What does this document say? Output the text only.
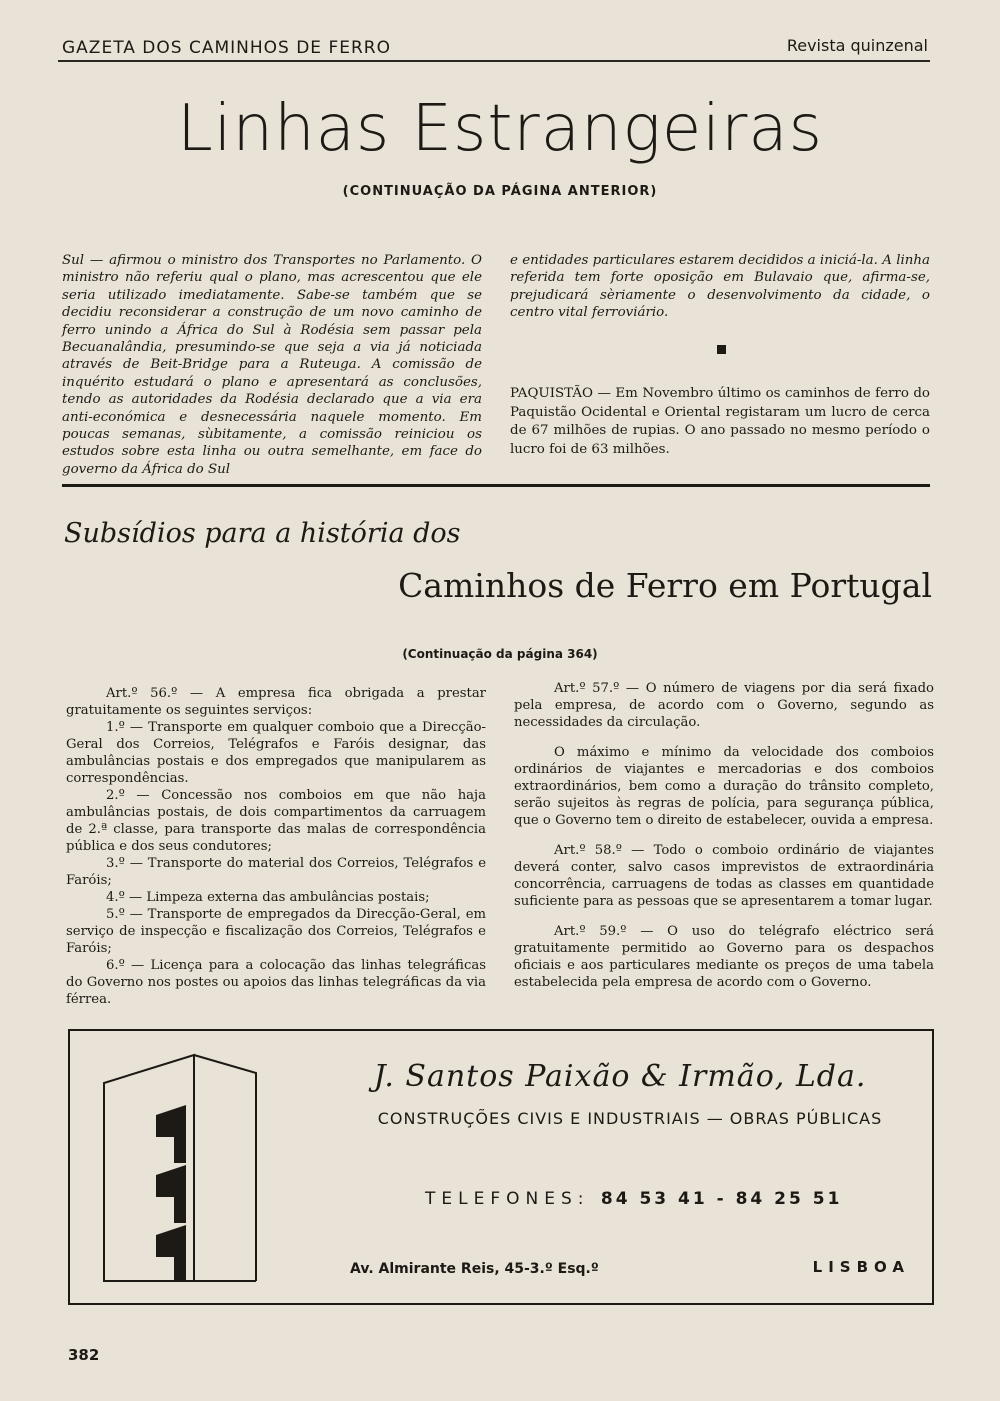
GAZETA DOS CAMINHOS DE FERRO	Revista quinzenal
Linhas Estrangeiras
(CONTINUAÇÃO DA PÁGINA ANTERIOR)
Sul — afirmou o ministro dos Transportes no Parlamento. O ministro não referiu qual o plano, mas acrescentou que ele seria utilizado imediatamente. Sabe-se também que se decidiu reconsiderar a construção de um novo caminho de ferro unindo a África do Sul à Rodésia sem passar pela Becuanalândia, presumindo-se que seja a via já noticiada através de Beit-Bridge para a Ruteuga. A comissão de inquérito estudará o plano e apresentará as conclusões, tendo as autoridades da Rodésia declarado que a via era anti-económica e desnecessária naquele momento. Em poucas semanas, sùbitamente, a comissão reiniciou os estudos sobre esta linha ou outra semelhante, em face do governo da África do Sul
e entidades particulares estarem decididos a iniciá-la. A linha referida tem forte oposição em Bulavaio que, afirma-se, prejudicará sèriamente o desenvolvimento da cidade, o centro vital ferroviário.
PAQUISTÃO — Em Novembro último os caminhos de ferro do Paquistão Ocidental e Oriental registaram um lucro de cerca de 67 milhões de rupias. O ano passado no mesmo período o lucro foi de 63 milhões.
Subsídios para a história dos
Caminhos de Ferro em Portugal
(Continuação da página 364)

Art.º 56.º — A empresa fica obrigada a prestar gratuitamente os seguintes serviços:

1.º — Transporte em qualquer comboio que a Direcção-Geral dos Correios, Telégrafos e Faróis designar, das ambulâncias postais e dos empregados que manipularem as correspondências.

2.º — Concessão nos comboios em que não haja ambulâncias postais, de dois compartimentos da carruagem de 2.ª classe, para transporte das malas de correspondência pública e dos seus condutores;

3.º — Transporte do material dos Correios, Telégrafos e Faróis;

4.º — Limpeza externa das ambulâncias postais;

5.º — Transporte de empregados da Direcção-Geral, em serviço de inspecção e fiscalização dos Correios, Telégrafos e Faróis;

6.º — Licença para a colocação das linhas telegráficas do Governo nos postes ou apoios das linhas telegráficas da via férrea.

Art.º 57.º — O número de viagens por dia será fixado pela empresa, de acordo com o Governo, segundo as necessidades da circulação.

O máximo e mínimo da velocidade dos comboios ordinários de viajantes e mercadorias e dos comboios extraordinários, bem como a duração do trânsito completo, serão sujeitos às regras de polícia, para segurança pública, que o Governo tem o direito de estabelecer, ouvida a empresa.

Art.º 58.º — Todo o comboio ordinário de viajantes deverá conter, salvo casos imprevistos de extraordinária concorrência, carruagens de todas as classes em quantidade suficiente para as pessoas que se apresentarem a tomar lugar.

Art.º 59.º — O uso do telégrafo eléctrico será gratuitamente permitido ao Governo para os despachos oficiais e aos particulares mediante os preços de uma tabela estabelecida pela empresa de acordo com o Governo.

J. Santos Paixão & Irmão, Lda.
CONSTRUÇÕES CIVIS E INDUSTRIAIS — OBRAS PÚBLICAS
TELEFONES: 84 53 41 - 84 25 51
Av. Almirante Reis, 45-3.º Esq.º	LISBOA
382
